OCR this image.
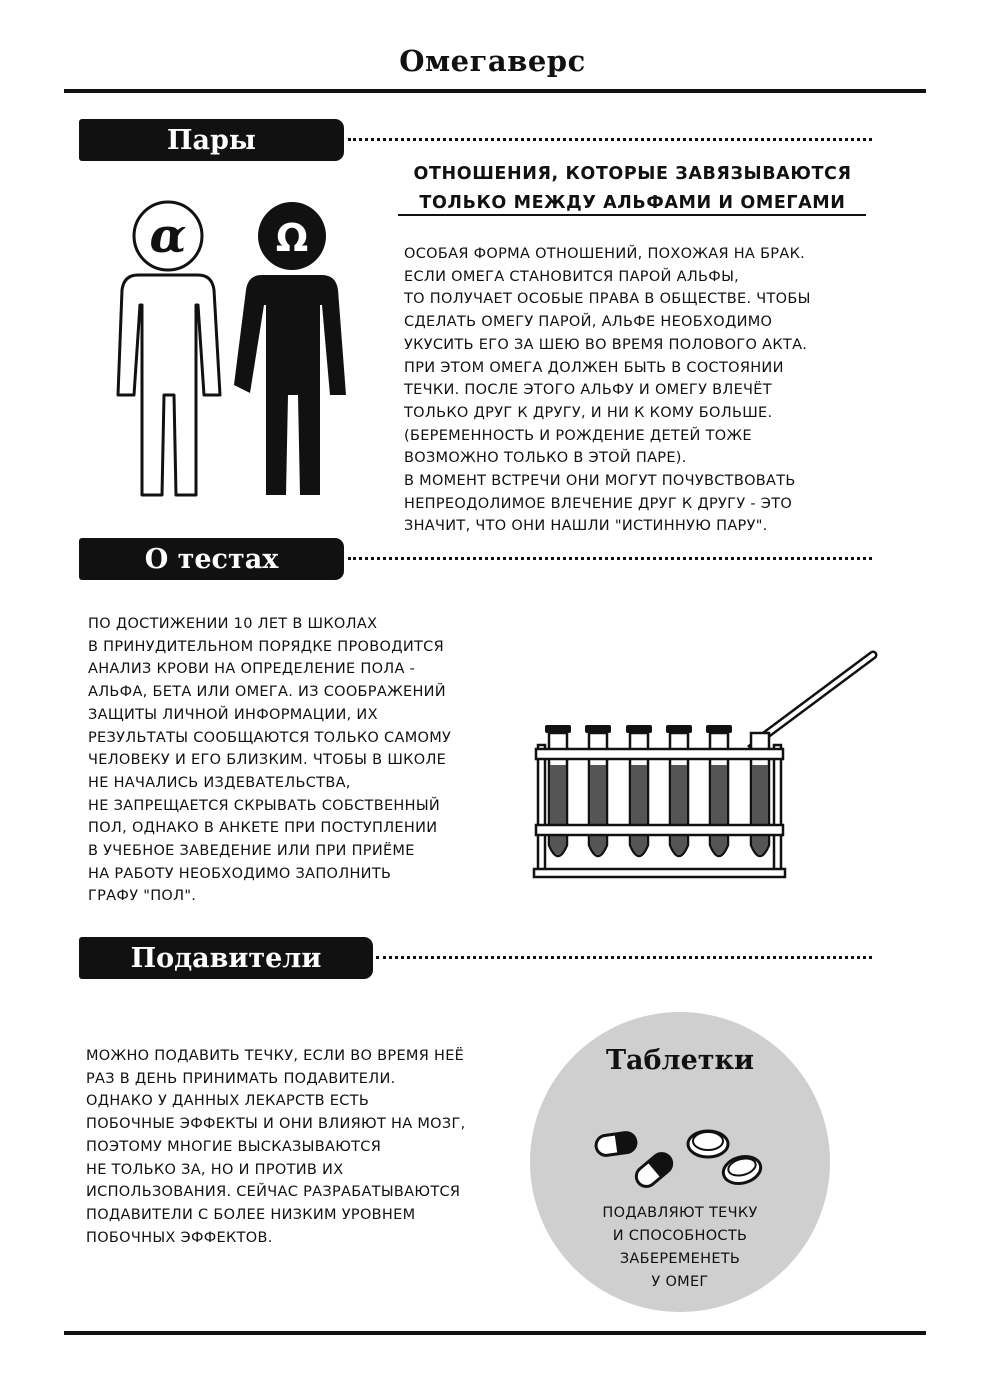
Омегаверс
Пары
α Ω
ОТНОШЕНИЯ, КОТОРЫЕ ЗАВЯЗЫВАЮТСЯ
ТОЛЬКО МЕЖДУ АЛЬФАМИ И ОМЕГАМИ
ОСОБАЯ ФОРМА ОТНОШЕНИЙ, ПОХОЖАЯ НА БРАК.
ЕСЛИ ОМЕГА СТАНОВИТСЯ ПАРОЙ АЛЬФЫ,
ТО ПОЛУЧАЕТ ОСОБЫЕ ПРАВА В ОБЩЕСТВЕ. ЧТОБЫ
СДЕЛАТЬ ОМЕГУ ПАРОЙ, АЛЬФЕ НЕОБХОДИМО
УКУСИТЬ ЕГО ЗА ШЕЮ ВО ВРЕМЯ ПОЛОВОГО АКТА.
ПРИ ЭТОМ ОМЕГА ДОЛЖЕН БЫТЬ В СОСТОЯНИИ
ТЕЧКИ. ПОСЛЕ ЭТОГО АЛЬФУ И ОМЕГУ ВЛЕЧЁТ
ТОЛЬКО ДРУГ К ДРУГУ, И НИ К КОМУ БОЛЬШЕ.
(БЕРЕМЕННОСТЬ И РОЖДЕНИЕ ДЕТЕЙ ТОЖЕ
ВОЗМОЖНО ТОЛЬКО В ЭТОЙ ПАРЕ).
В МОМЕНТ ВСТРЕЧИ ОНИ МОГУТ ПОЧУВСТВОВАТЬ
НЕПРЕОДОЛИМОЕ ВЛЕЧЕНИЕ ДРУГ К ДРУГУ - ЭТО
ЗНАЧИТ, ЧТО ОНИ НАШЛИ "ИСТИННУЮ ПАРУ".
О тестах
ПО ДОСТИЖЕНИИ 10 ЛЕТ В ШКОЛАХ
В ПРИНУДИТЕЛЬНОМ ПОРЯДКЕ ПРОВОДИТСЯ
АНАЛИЗ КРОВИ НА ОПРЕДЕЛЕНИЕ ПОЛА -
АЛЬФА, БЕТА ИЛИ ОМЕГА. ИЗ СООБРАЖЕНИЙ
ЗАЩИТЫ ЛИЧНОЙ ИНФОРМАЦИИ, ИХ
РЕЗУЛЬТАТЫ СООБЩАЮТСЯ ТОЛЬКО САМОМУ
ЧЕЛОВЕКУ И ЕГО БЛИЗКИМ. ЧТОБЫ В ШКОЛЕ
НЕ НАЧАЛИСЬ ИЗДЕВАТЕЛЬСТВА,
НЕ ЗАПРЕЩАЕТСЯ СКРЫВАТЬ СОБСТВЕННЫЙ
ПОЛ, ОДНАКО В АНКЕТЕ ПРИ ПОСТУПЛЕНИИ
В УЧЕБНОЕ ЗАВЕДЕНИЕ ИЛИ ПРИ ПРИЁМЕ
НА РАБОТУ НЕОБХОДИМО ЗАПОЛНИТЬ
ГРАФУ "ПОЛ".
Подавители
МОЖНО ПОДАВИТЬ ТЕЧКУ, ЕСЛИ ВО ВРЕМЯ НЕЁ
РАЗ В ДЕНЬ ПРИНИМАТЬ ПОДАВИТЕЛИ.
ОДНАКО У ДАННЫХ ЛЕКАРСТВ ЕСТЬ
ПОБОЧНЫЕ ЭФФЕКТЫ И ОНИ ВЛИЯЮТ НА МОЗГ,
ПОЭТОМУ МНОГИЕ ВЫСКАЗЫВАЮТСЯ
НЕ ТОЛЬКО ЗА, НО И ПРОТИВ ИХ
ИСПОЛЬЗОВАНИЯ. СЕЙЧАС РАЗРАБАТЫВАЮТСЯ
ПОДАВИТЕЛИ С БОЛЕЕ НИЗКИМ УРОВНЕМ
ПОБОЧНЫХ ЭФФЕКТОВ.
Таблетки
ПОДАВЛЯЮТ ТЕЧКУ
И СПОСОБНОСТЬ
ЗАБЕРЕМЕНЕТЬ
У ОМЕГ
